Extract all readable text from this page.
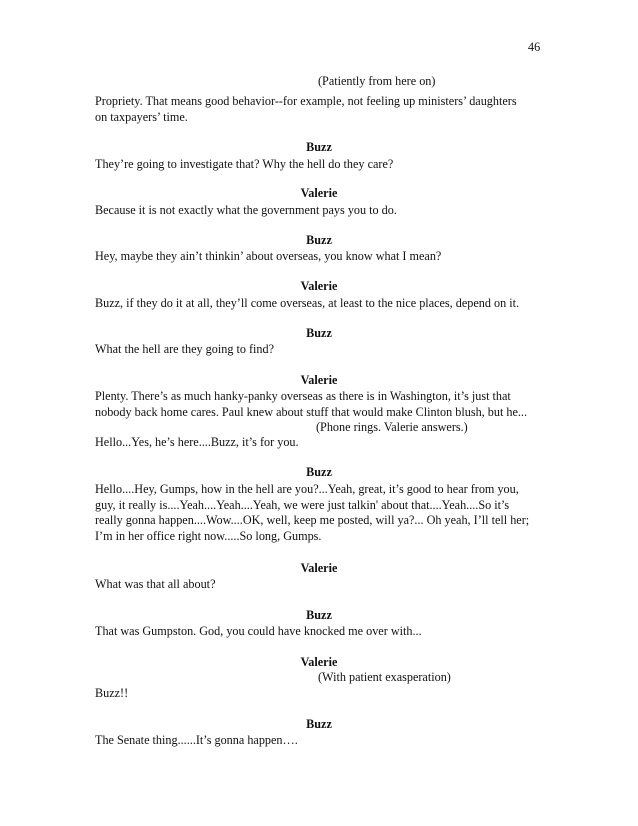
46
(Patiently from here on)
Propriety. That means good behavior--for example, not feeling up ministers’ daughters
on taxpayers’ time.
Buzz
They’re going to investigate that? Why the hell do they care?
Valerie
Because it is not exactly what the government pays you to do.
Buzz
Hey, maybe they ain’t thinkin’ about overseas, you know what I mean?
Valerie
Buzz, if they do it at all, they’ll come overseas, at least to the nice places, depend on it.
Buzz
What the hell are they going to find?
Valerie
Plenty. There’s as much hanky-panky overseas as there is in Washington, it’s just that
nobody back home cares. Paul knew about stuff that would make Clinton blush, but he...
(Phone rings. Valerie answers.)
Hello...Yes, he’s here....Buzz, it’s for you.
Buzz
Hello....Hey, Gumps, how in the hell are you?...Yeah, great, it’s good to hear from you,
guy, it really is....Yeah....Yeah....Yeah, we were just talkin' about that....Yeah....So it’s
really gonna happen....Wow....OK, well, keep me posted, will ya?... Oh yeah, I’ll tell her;
I’m in her office right now.....So long, Gumps.
Valerie
What was that all about?
Buzz
That was Gumpston. God, you could have knocked me over with...
Valerie
(With patient exasperation)
Buzz!!
Buzz
The Senate thing......It’s gonna happen….
